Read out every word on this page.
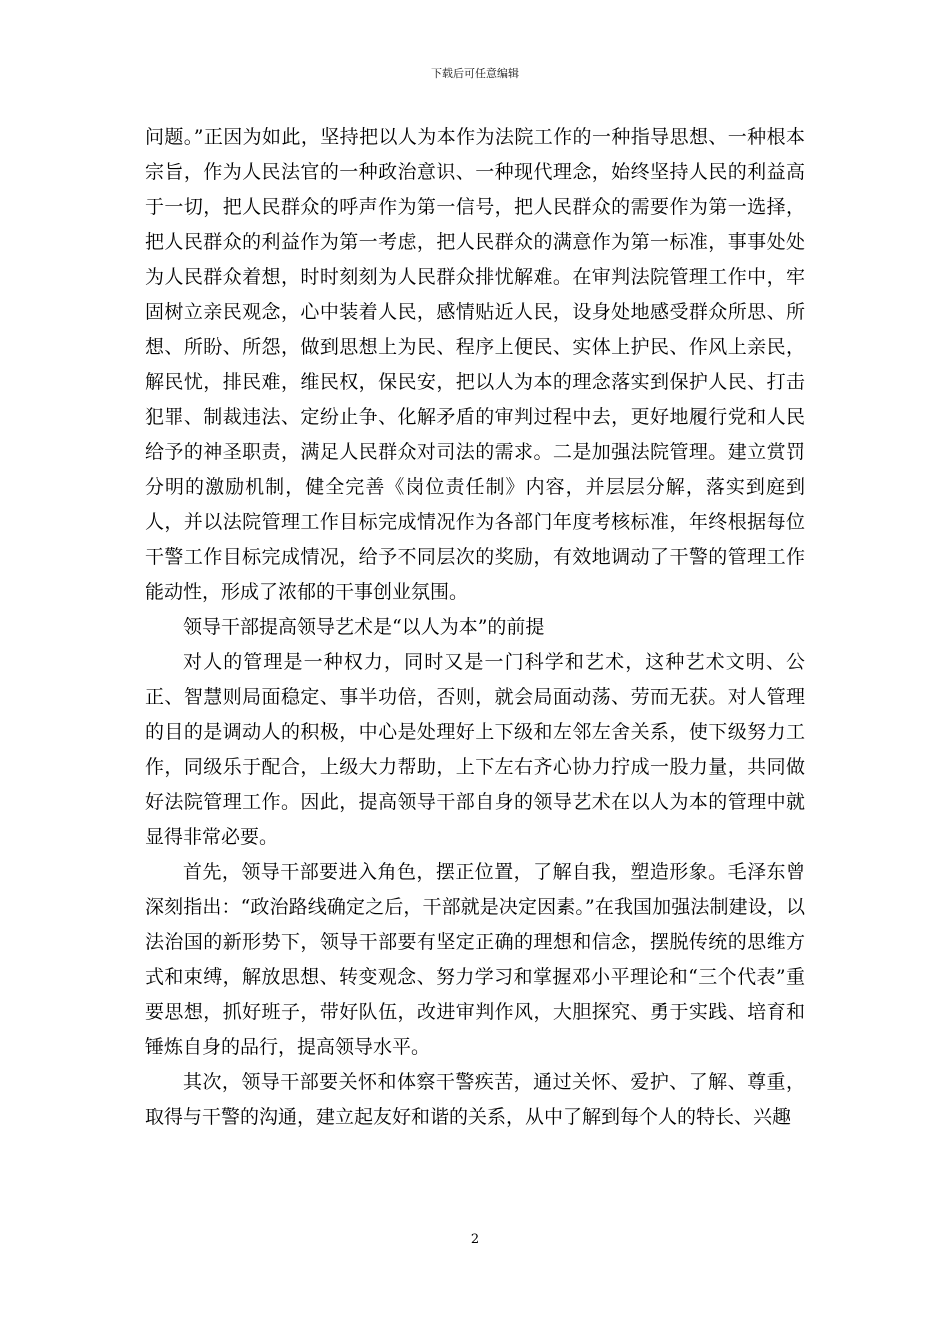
下载后可任意编辑

问题。”正因为如此，坚持把以人为本作为法院工作的一种指导思想、一种根本宗旨，作为人民法官的一种政治意识、一种现代理念，始终坚持人民的利益高于一切，把人民群众的呼声作为第一信号，把人民群众的需要作为第一选择，把人民群众的利益作为第一考虑，把人民群众的满意作为第一标准，事事处处为人民群众着想，时时刻刻为人民群众排忧解难。在审判法院管理工作中，牢固树立亲民观念，心中装着人民，感情贴近人民，设身处地感受群众所思、所想、所盼、所怨，做到思想上为民、程序上便民、实体上护民、作风上亲民，解民忧，排民难，维民权，保民安，把以人为本的理念落实到保护人民、打击犯罪、制裁违法、定纷止争、化解矛盾的审判过程中去，更好地履行党和人民给予的神圣职责，满足人民群众对司法的需求。二是加强法院管理。建立赏罚分明的激励机制，健全完善《岗位责任制》内容，并层层分解，落实到庭到人，并以法院管理工作目标完成情况作为各部门年度考核标准，年终根据每位干警工作目标完成情况，给予不同层次的奖励，有效地调动了干警的管理工作能动性，形成了浓郁的干事创业氛围。

领导干部提高领导艺术是“以人为本”的前提

对人的管理是一种权力，同时又是一门科学和艺术，这种艺术文明、公正、智慧则局面稳定、事半功倍，否则，就会局面动荡、劳而无获。对人管理的目的是调动人的积极，中心是处理好上下级和左邻左舍关系，使下级努力工作，同级乐于配合，上级大力帮助，上下左右齐心协力拧成一股力量，共同做好法院管理工作。因此，提高领导干部自身的领导艺术在以人为本的管理中就显得非常必要。

首先，领导干部要进入角色，摆正位置，了解自我，塑造形象。毛泽东曾深刻指出：“政治路线确定之后，干部就是决定因素。”在我国加强法制建设，以法治国的新形势下，领导干部要有坚定正确的理想和信念，摆脱传统的思维方式和束缚，解放思想、转变观念、努力学习和掌握邓小平理论和“三个代表”重要思想，抓好班子，带好队伍，改进审判作风，大胆探究、勇于实践、培育和锤炼自身的品行，提高领导水平。

其次，领导干部要关怀和体察干警疾苦，通过关怀、爱护、了解、尊重，取得与干警的沟通，建立起友好和谐的关系，从中了解到每个人的特长、兴趣

2
